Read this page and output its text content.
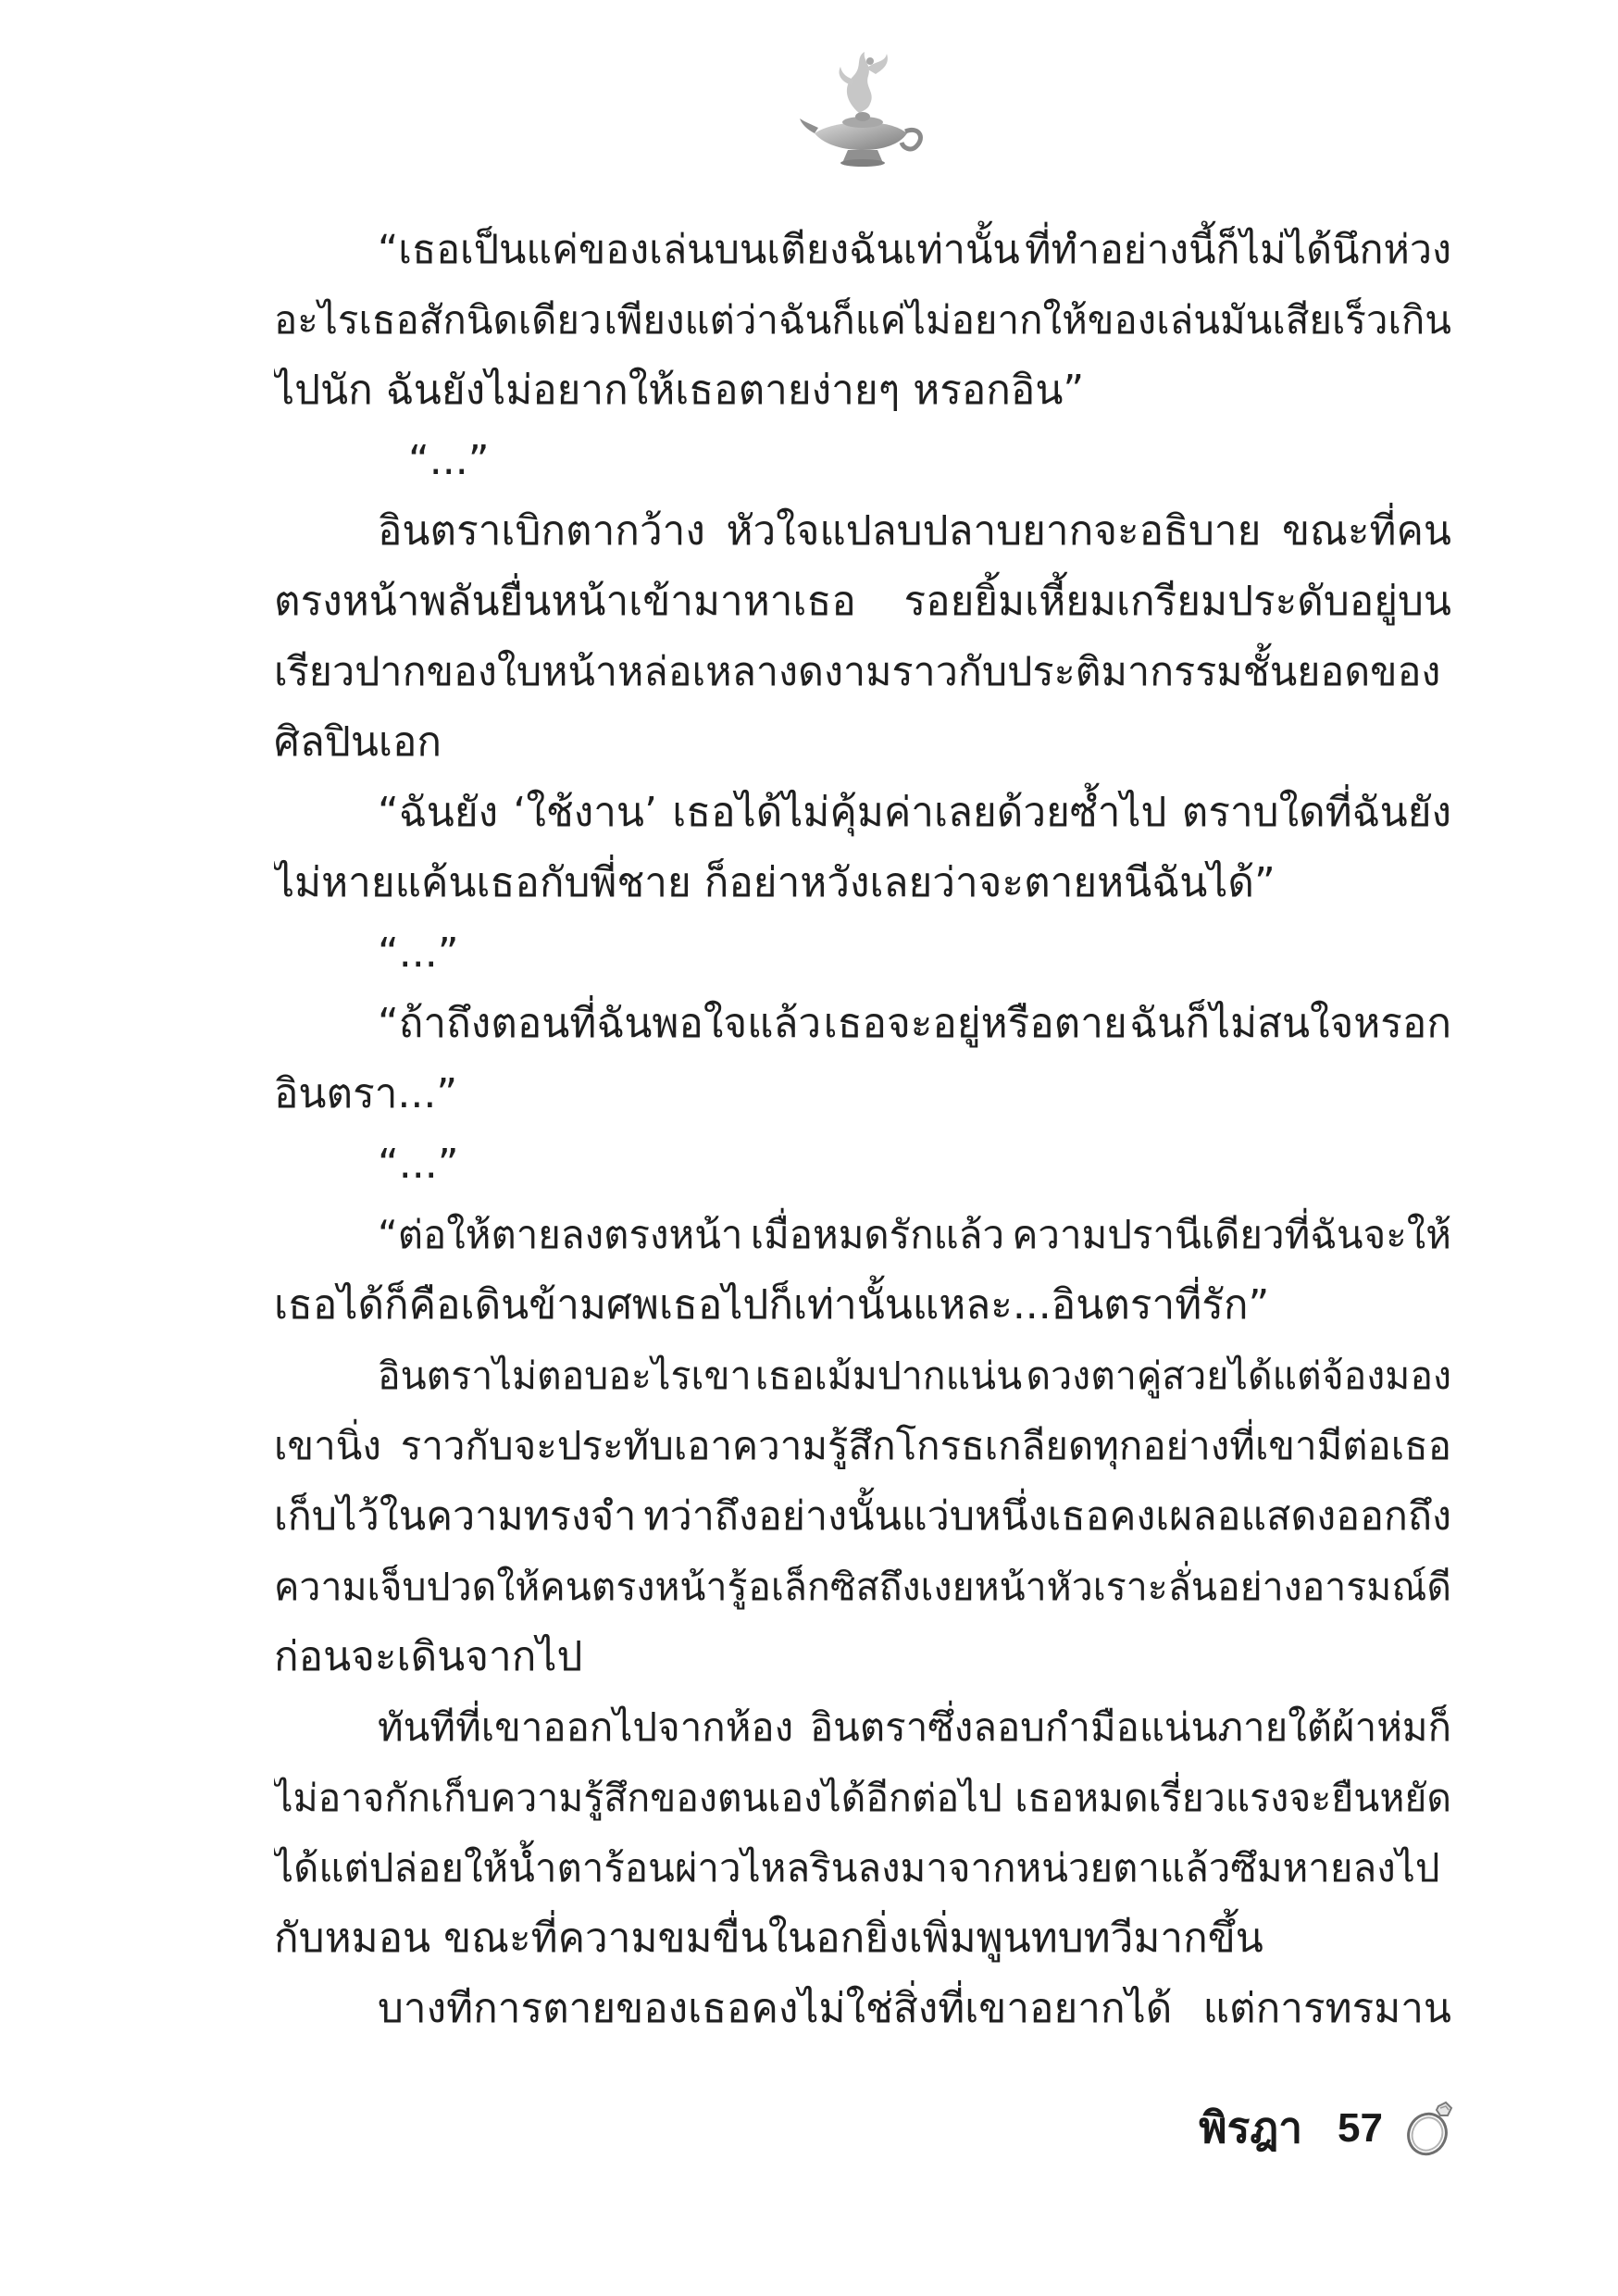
“เธอเป็นแค่ของเล่นบนเตียงฉันเท่านั้น ที่ทำอย่างนี้ก็ไม่ได้นึกห่วง
อะไรเธอสักนิดเดียว เพียงแต่ว่าฉันก็แค่ไม่อยากให้ของเล่นมันเสียเร็วเกิน
ไปนัก ฉันยังไม่อยากให้เธอตายง่ายๆ หรอกอิน”
“...”
อินตราเบิกตากว้าง หัวใจแปลบปลาบยากจะอธิบาย ขณะที่คน
ตรงหน้าพลันยื่นหน้าเข้ามาหาเธอ รอยยิ้มเหี้ยมเกรียมประดับอยู่บน
เรียวปากของใบหน้าหล่อเหลางดงามราวกับประติมากรรมชั้นยอดของ
ศิลปินเอก
“ฉันยัง ‘ใช้งาน’ เธอได้ไม่คุ้มค่าเลยด้วยซ้ำไป ตราบใดที่ฉันยัง
ไม่หายแค้นเธอกับพี่ชาย ก็อย่าหวังเลยว่าจะตายหนีฉันได้”
“...”
“ถ้าถึงตอนที่ฉันพอใจแล้ว เธอจะอยู่หรือตาย ฉันก็ไม่สนใจหรอก
อินตรา...”
“...”
“ต่อให้ตายลงตรงหน้า เมื่อหมดรักแล้ว ความปรานีเดียวที่ฉันจะให้
เธอได้ก็คือเดินข้ามศพเธอไปก็เท่านั้นแหละ...อินตราที่รัก”
อินตราไม่ตอบอะไรเขา เธอเม้มปากแน่น ดวงตาคู่สวยได้แต่จ้องมอง
เขานิ่ง ราวกับจะประทับเอาความรู้สึกโกรธเกลียดทุกอย่างที่เขามีต่อเธอ
เก็บไว้ในความทรงจำ ทว่าถึงอย่างนั้นแว่บหนึ่งเธอคงเผลอแสดงออกถึง
ความเจ็บปวดให้คนตรงหน้ารู้ อเล็กซิสถึงเงยหน้าหัวเราะลั่นอย่างอารมณ์ดี
ก่อนจะเดินจากไป
ทันทีที่เขาออกไปจากห้อง อินตราซึ่งลอบกำมือแน่นภายใต้ผ้าห่มก็
ไม่อาจกักเก็บความรู้สึกของตนเองได้อีกต่อไป เธอหมดเรี่ยวแรงจะยืนหยัด
ได้แต่ปล่อยให้น้ำตาร้อนผ่าวไหลรินลงมาจากหน่วยตาแล้วซึมหายลงไป
กับหมอน ขณะที่ความขมขื่นในอกยิ่งเพิ่มพูนทบทวีมากขึ้น
บางทีการตายของเธอคงไม่ใช่สิ่งที่เขาอยากได้ แต่การทรมาน
พิรฎา 57
